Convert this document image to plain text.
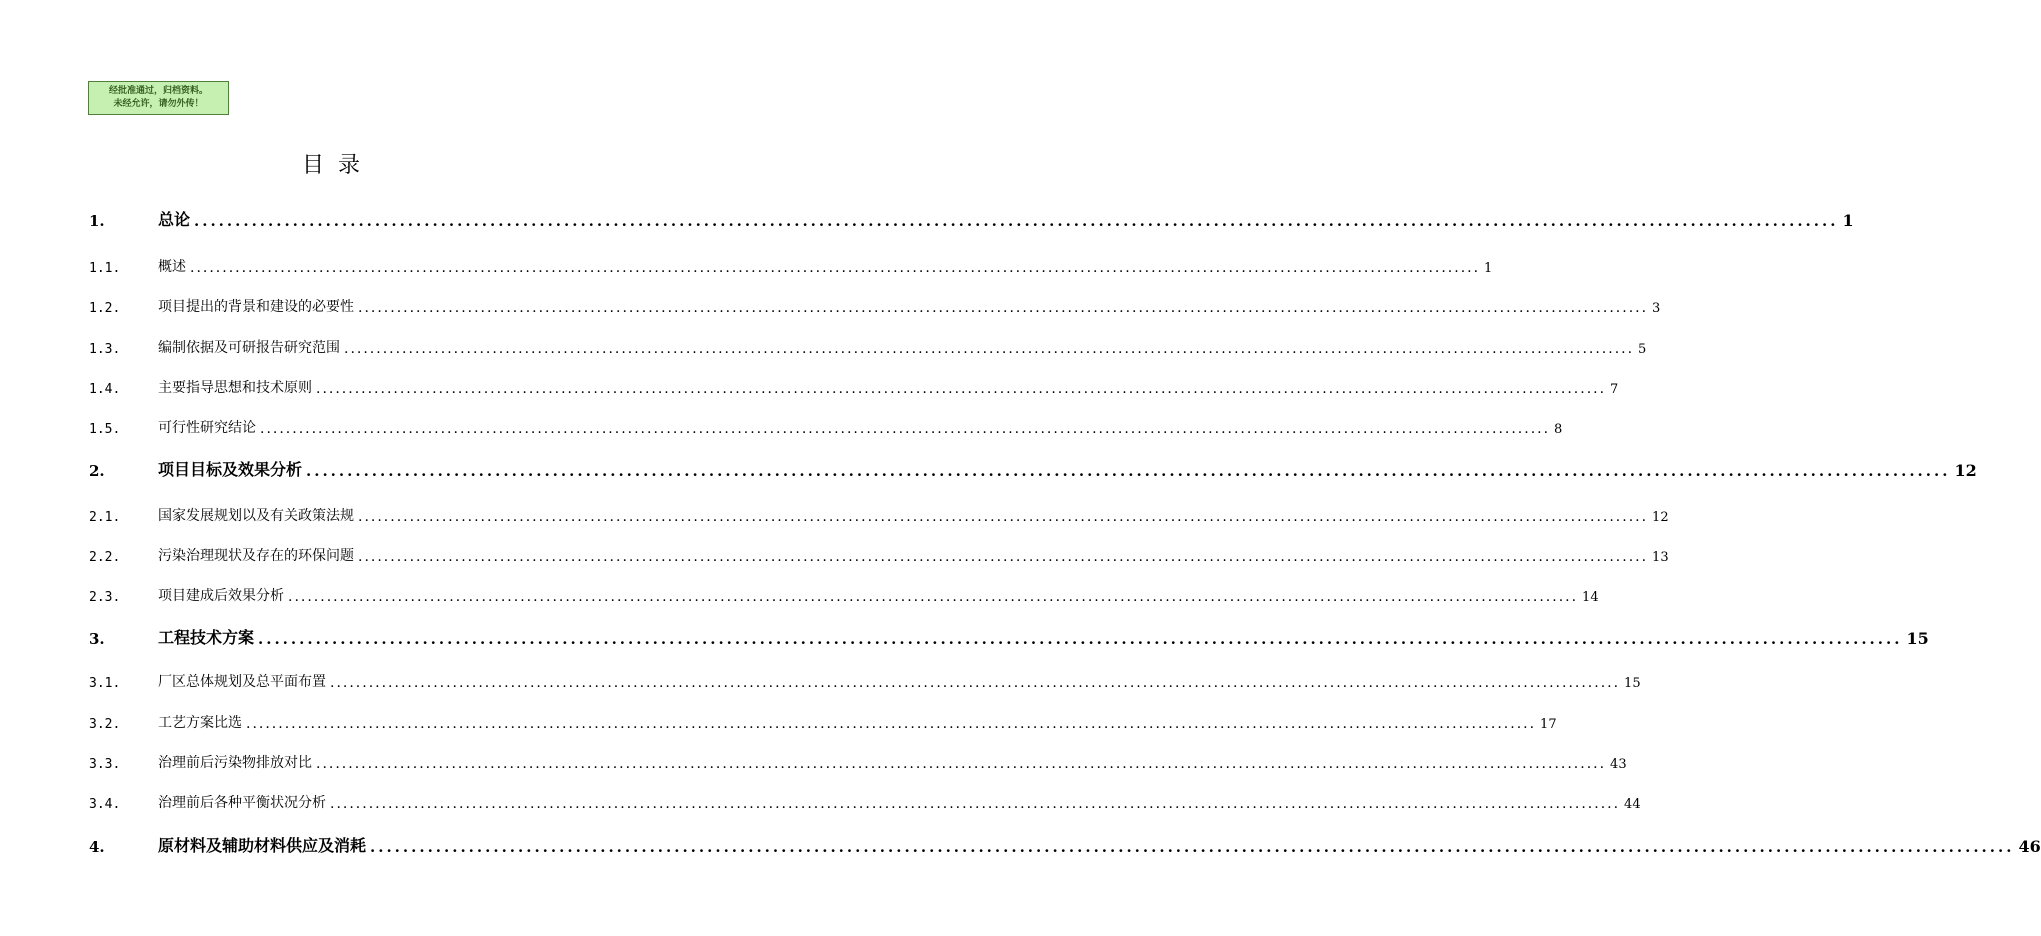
经批准通过，归档资料。
未经允许，请勿外传！
目录
1.	总论 ........................................................................................................................................................................................................ 1
1.1.	概述 ........................................................................................................................................................................................................ 1
1.2.	项目提出的背景和建设的必要性 ........................................................................................................................................................................................................ 3
1.3.	编制依据及可研报告研究范围 ........................................................................................................................................................................................................ 5
1.4.	主要指导思想和技术原则 ........................................................................................................................................................................................................ 7
1.5.	可行性研究结论 ........................................................................................................................................................................................................ 8
2.	项目目标及效果分析 ........................................................................................................................................................................................................ 12
2.1.	国家发展规划以及有关政策法规 ........................................................................................................................................................................................................ 12
2.2.	污染治理现状及存在的环保问题 ........................................................................................................................................................................................................ 13
2.3.	项目建成后效果分析 ........................................................................................................................................................................................................ 14
3.	工程技术方案 ........................................................................................................................................................................................................ 15
3.1.	厂区总体规划及总平面布置 ........................................................................................................................................................................................................ 15
3.2.	工艺方案比选 ........................................................................................................................................................................................................ 17
3.3.	治理前后污染物排放对比 ........................................................................................................................................................................................................ 43
3.4.	治理前后各种平衡状况分析 ........................................................................................................................................................................................................ 44
4.	原材料及辅助材料供应及消耗 ........................................................................................................................................................................................................ 46
